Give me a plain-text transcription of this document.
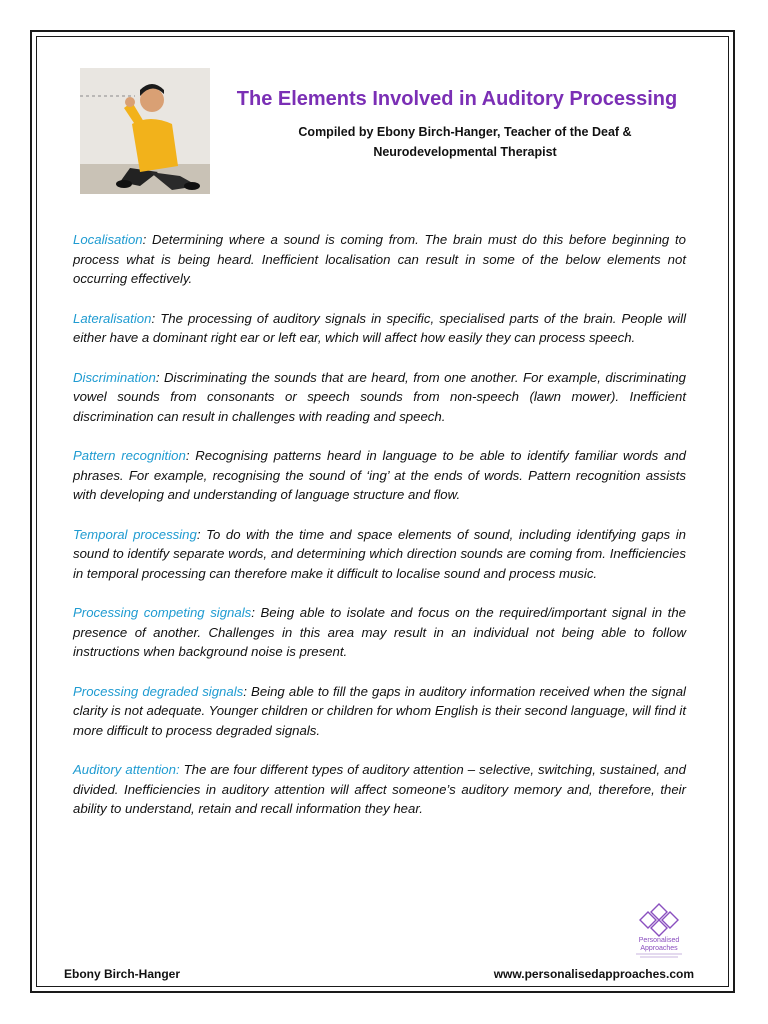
The Elements Involved in Auditory Processing
Compiled by Ebony Birch-Hanger, Teacher of the Deaf &
Neurodevelopmental Therapist

Localisation: Determining where a sound is coming from. The brain must do this before beginning to process what is being heard. Inefficient localisation can result in some of the below elements not occurring effectively.

Lateralisation: The processing of auditory signals in specific, specialised parts of the brain. People will either have a dominant right ear or left ear, which will affect how easily they can process speech.

Discrimination: Discriminating the sounds that are heard, from one another. For example, discriminating vowel sounds from consonants or speech sounds from non-speech (lawn mower). Inefficient discrimination can result in challenges with reading and speech.

Pattern recognition: Recognising patterns heard in language to be able to identify familiar words and phrases. For example, recognising the sound of ‘ing’ at the ends of words. Pattern recognition assists with developing and understanding of language structure and flow.

Temporal processing: To do with the time and space elements of sound, including identifying gaps in sound to identify separate words, and determining which direction sounds are coming from. Inefficiencies in temporal processing can therefore make it difficult to localise sound and process music.

Processing competing signals: Being able to isolate and focus on the required/important signal in the presence of another. Challenges in this area may result in an individual not being able to follow instructions when background noise is present.

Processing degraded signals: Being able to fill the gaps in auditory information received when the signal clarity is not adequate. Younger children or children for whom English is their second language, will find it more difficult to process degraded signals.

Auditory attention: The are four different types of auditory attention – selective, switching, sustained, and divided. Inefficiencies in auditory attention will affect someone’s auditory memory and, therefore, their ability to understand, retain and recall information they hear.

Personalised
Approaches
Ebony Birch-Hanger	www.personalisedapproaches.com
